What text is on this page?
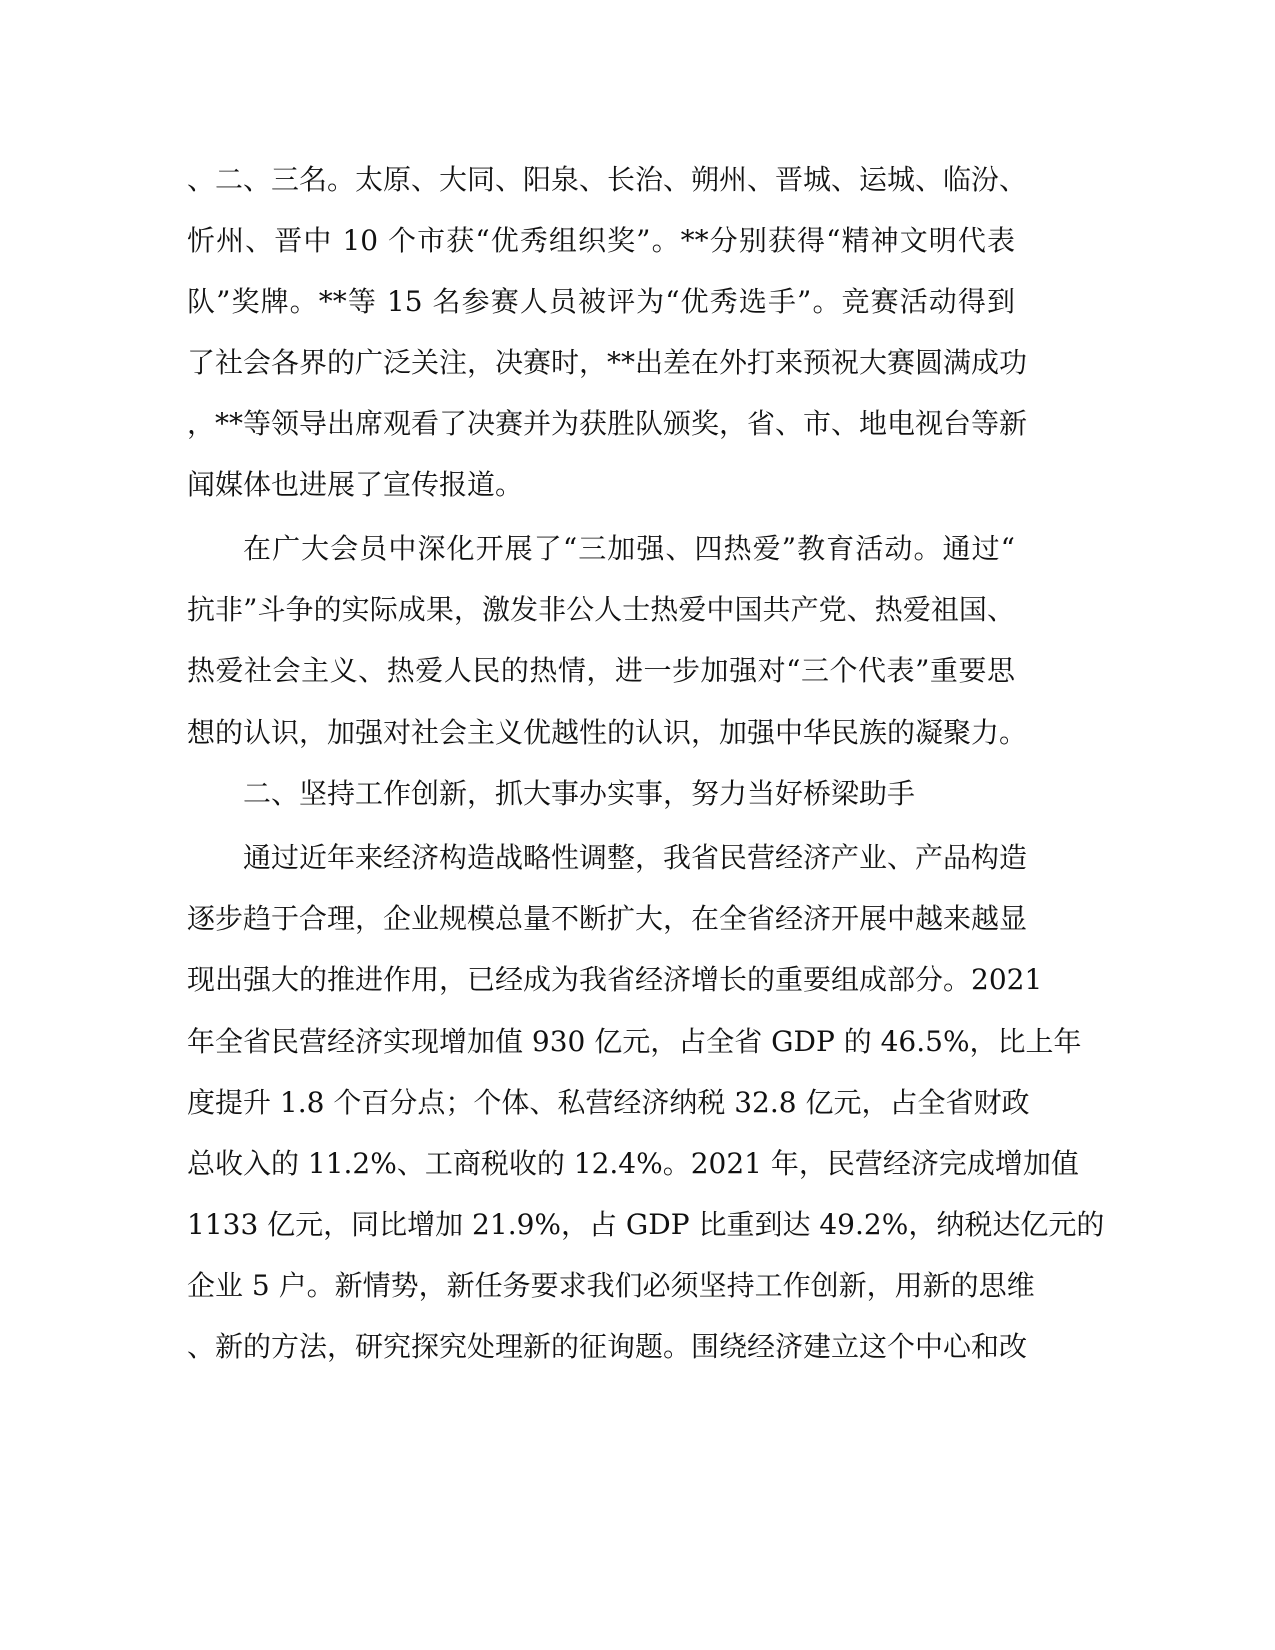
、二、三名。太原、大同、阳泉、长治、朔州、晋城、运城、临汾、
忻州、晋中 10 个市获“优秀组织奖”。**分别获得“精神文明代表
队”奖牌。**等 15 名参赛人员被评为“优秀选手”。竞赛活动得到
了社会各界的广泛关注，决赛时，**出差在外打来预祝大赛圆满成功
，**等领导出席观看了决赛并为获胜队颁奖，省、市、地电视台等新
闻媒体也进展了宣传报道。
在广大会员中深化开展了“三加强、四热爱”教育活动。通过“
抗非”斗争的实际成果，激发非公人士热爱中国共产党、热爱祖国、
热爱社会主义、热爱人民的热情，进一步加强对“三个代表”重要思
想的认识，加强对社会主义优越性的认识，加强中华民族的凝聚力。
二、坚持工作创新，抓大事办实事，努力当好桥梁助手
通过近年来经济构造战略性调整，我省民营经济产业、产品构造
逐步趋于合理，企业规模总量不断扩大，在全省经济开展中越来越显
现出强大的推进作用，已经成为我省经济增长的重要组成部分。2021
年全省民营经济实现增加值 930 亿元，占全省 GDP 的 46.5%，比上年
度提升 1.8 个百分点；个体、私营经济纳税 32.8 亿元，占全省财政
总收入的 11.2%、工商税收的 12.4%。2021 年，民营经济完成增加值
1133 亿元，同比增加 21.9%，占 GDP 比重到达 49.2%，纳税达亿元的
企业 5 户。新情势，新任务要求我们必须坚持工作创新，用新的思维
、新的方法，研究探究处理新的征询题。围绕经济建立这个中心和改
